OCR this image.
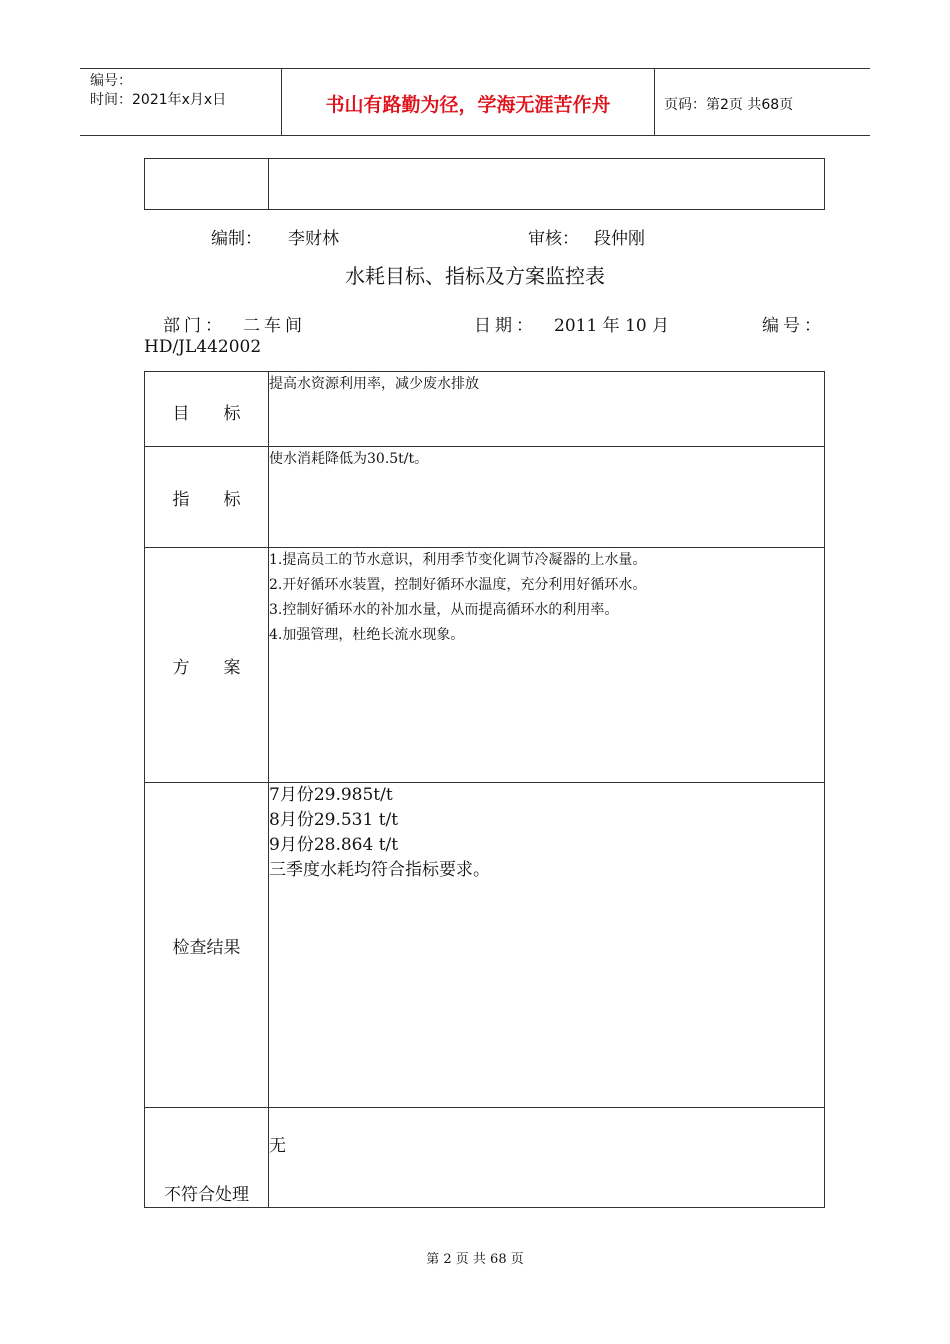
编号：
时间：2021年x月x日	书山有路勤为径，学海无涯苦作舟	页码：第2页 共68页

编制： 李财林	审核： 段仲刚
水耗目标、指标及方案监控表
部门： 二车间	日期： 2011 年 10 月	编号：
HD/JL442002
目　　标	提高水资源利用率，减少废水排放
指　　标	使水消耗降低为30.5t/t。
方　　案	1.提高员工的节水意识，利用季节变化调节冷凝器的上水量。
2.开好循环水装置，控制好循环水温度，充分利用好循环水。
3.控制好循环水的补加水量，从而提高循环水的利用率。
4.加强管理，杜绝长流水现象。

检查结果	7月份29.985t/t
8月份29.531 t/t
9月份28.864 t/t
三季度水耗均符合指标要求。

不符合处理	无
第 2 页 共 68 页
